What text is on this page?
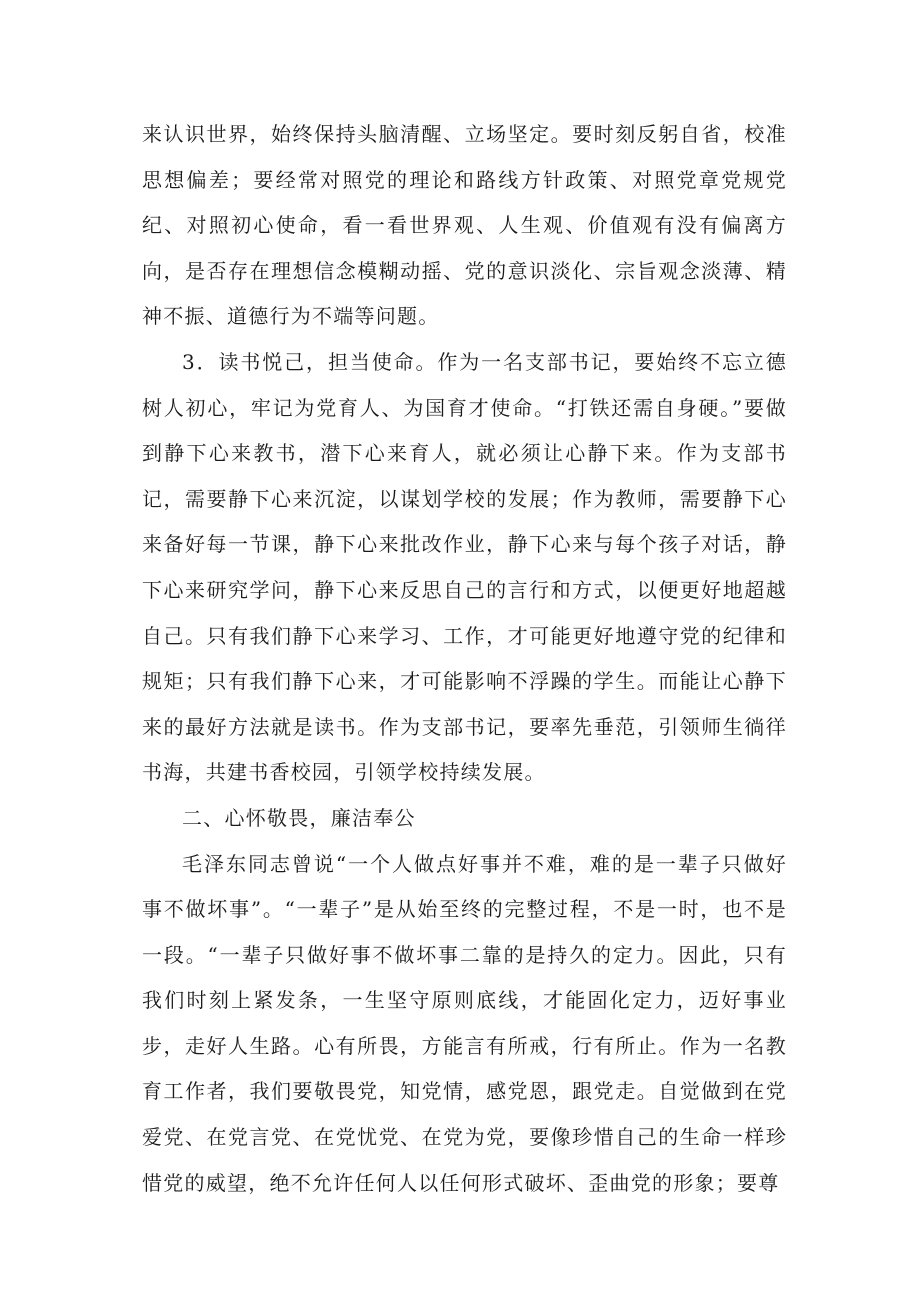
来认识世界，始终保持头脑清醒、立场坚定。要时刻反躬自省，校准思想偏差；要经常对照党的理论和路线方针政策、对照党章党规党纪、对照初心使命，看一看世界观、人生观、价值观有没有偏离方向，是否存在理想信念模糊动摇、党的意识淡化、宗旨观念淡薄、精神不振、道德行为不端等问题。

3．读书悦己，担当使命。作为一名支部书记，要始终不忘立德树人初心，牢记为党育人、为国育才使命。“打铁还需自身硬。”要做到静下心来教书，潜下心来育人，就必须让心静下来。作为支部书记，需要静下心来沉淀，以谋划学校的发展；作为教师，需要静下心来备好每一节课，静下心来批改作业，静下心来与每个孩子对话，静下心来研究学问，静下心来反思自己的言行和方式，以便更好地超越自己。只有我们静下心来学习、工作，才可能更好地遵守党的纪律和规矩；只有我们静下心来，才可能影响不浮躁的学生。而能让心静下来的最好方法就是读书。作为支部书记，要率先垂范，引领师生徜徉书海，共建书香校园，引领学校持续发展。

二、心怀敬畏，廉洁奉公

毛泽东同志曾说“一个人做点好事并不难，难的是一辈子只做好事不做坏事”。“一辈子”是从始至终的完整过程，不是一时，也不是一段。“一辈子只做好事不做坏事二靠的是持久的定力。因此，只有我们时刻上紧发条，一生坚守原则底线，才能固化定力，迈好事业步，走好人生路。心有所畏，方能言有所戒，行有所止。作为一名教育工作者，我们要敬畏党，知党情，感党恩，跟党走。自觉做到在党爱党、在党言党、在党忧党、在党为党，要像珍惜自己的生命一样珍惜党的威望，绝不允许任何人以任何形式破坏、歪曲党的形象；要尊
